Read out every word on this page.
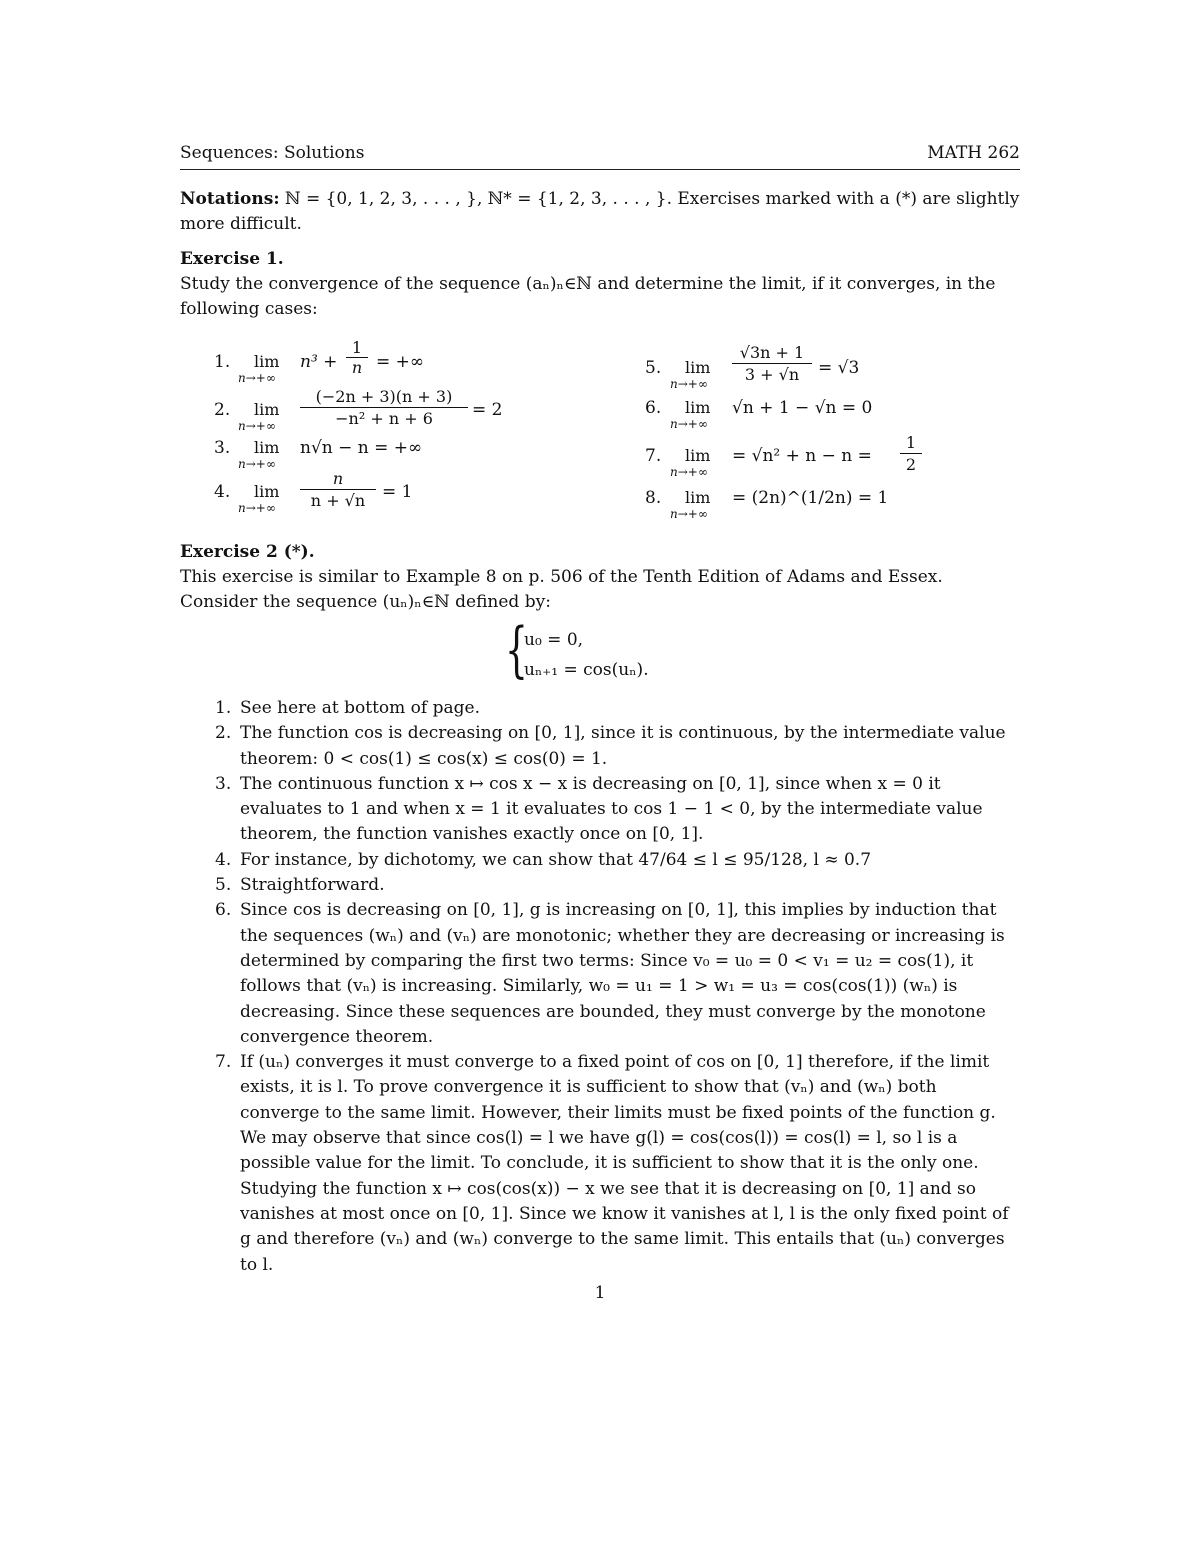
Sequences: Solutions	MATH 262
Notations: ℕ = {0, 1, 2, 3, . . . , }, ℕ* = {1, 2, 3, . . . , }. Exercises marked with a (*) are slightly more difficult.
Exercise 1.
Study the convergence of the sequence (aₙ)ₙ∈ℕ and determine the limit, if it converges, in the following cases:
1. lim
n→+∞
$n^3 + \frac{1}{n}$ = +∞
2. lim
$n\to+\infty \frac{(-2n + 3)(n + 3)}{\text{−n² + n + 6}} = 2$
3. lim
n→+∞
n√n − n = +∞
4. lim
$n\to+\infty \frac{n}{n + √n} = 1$
5. lim
$n\to+\infty \frac{√3n + 1}{3 + √n} = √3$
6. lim
n→+∞
√n + 1 − √n = 0
7. lim
n→+∞
= $√n^2 + n - n = \frac{1}{2}$
8. lim
n→+∞
= (2n)^(1/2n) = 1
Exercise 2 (*).
This exercise is similar to Example 8 on p. 506 of the Tenth Edition of Adams and Essex. Consider the sequence (uₙ)ₙ∈ℕ defined by:
{
u₀ = 0,
uₙ₊₁ = cos(uₙ).
1. See here at bottom of page.
2. The function cos is decreasing on [0, 1], since it is continuous, by the intermediate value theorem: 0 < cos(1) ≤ cos(x) ≤ cos(0) = 1.
3. The continuous function x ↦ cos x − x is decreasing on [0, 1], since when x = 0 it evaluates to 1 and when x = 1 it evaluates to cos 1 − 1 < 0, by the intermediate value theorem, the function vanishes exactly once on [0, 1].
4. For instance, by dichotomy, we can show that 47/64 ≤ l ≤ 95/128, l ≈ 0.7
5. Straightforward.
6. Since cos is decreasing on [0, 1], g is increasing on [0, 1], this implies by induction that the sequences (wₙ) and (vₙ) are monotonic; whether they are decreasing or increasing is determined by comparing the first two terms: Since v₀ = u₀ = 0 < v₁ = u₂ = cos(1), it follows that (vₙ) is increasing. Similarly, w₀ = u₁ = 1 > w₁ = u₃ = cos(cos(1)) (wₙ) is decreasing. Since these sequences are bounded, they must converge by the monotone convergence theorem.
7. If (uₙ) converges it must converge to a fixed point of cos on [0, 1] therefore, if the limit exists, it is l. To prove convergence it is sufficient to show that (vₙ) and (wₙ) both converge to the same limit. However, their limits must be fixed points of the function g. We may observe that since cos(l) = l we have g(l) = cos(cos(l)) = cos(l) = l, so l is a possible value for the limit. To conclude, it is sufficient to show that it is the only one. Studying the function x ↦ cos(cos(x)) − x we see that it is decreasing on [0, 1] and so vanishes at most once on [0, 1]. Since we know it vanishes at l, l is the only fixed point of g and therefore (vₙ) and (wₙ) converge to the same limit. This entails that (uₙ) converges to l.
1
